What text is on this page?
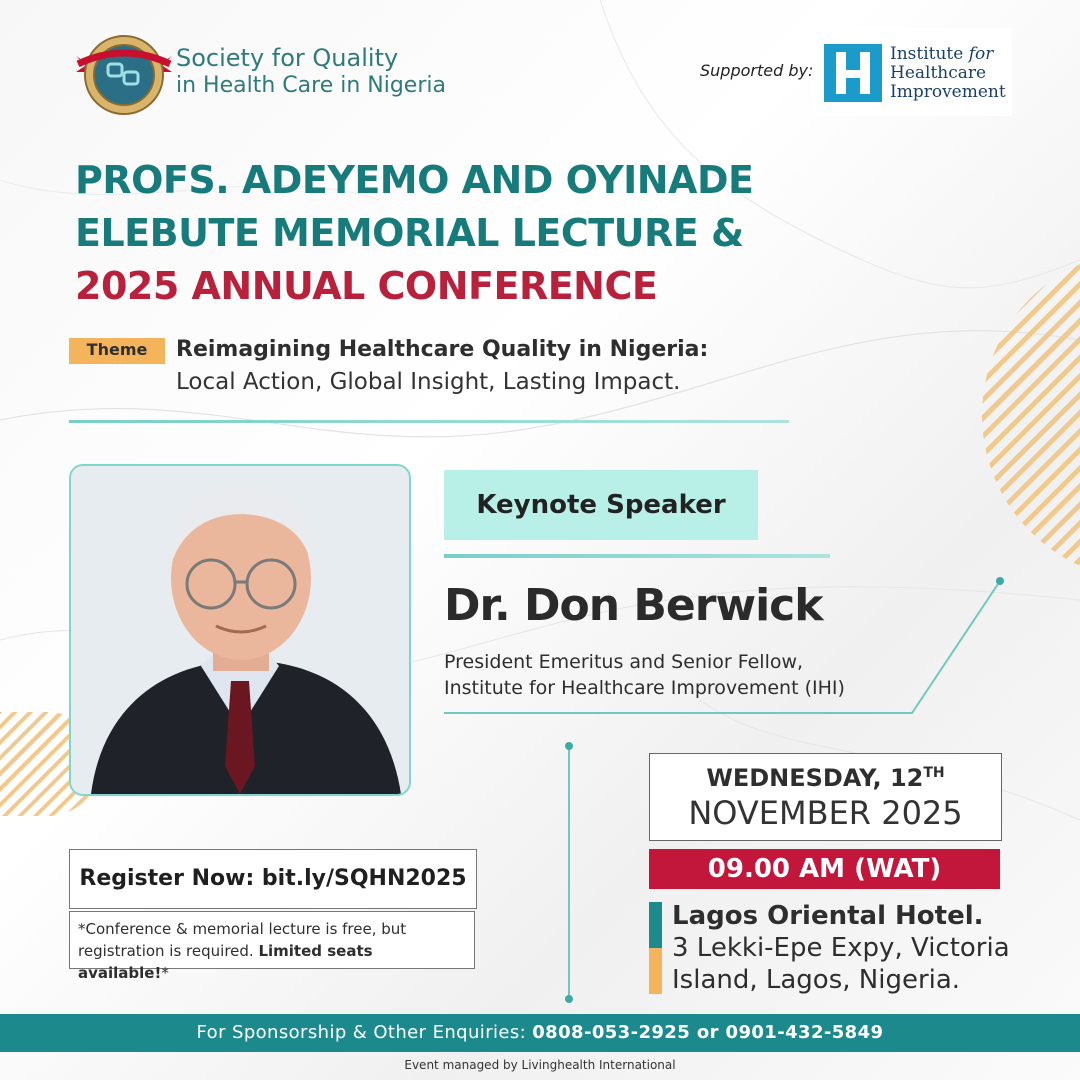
Society for Quality
in Health Care in Nigeria
Supported by:
Institute for
Healthcare
Improvement
PROFS. ADEYEMO AND OYINADE
ELEBUTE MEMORIAL LECTURE &
2025 ANNUAL CONFERENCE
Theme	Reimagining Healthcare Quality in Nigeria:
Local Action, Global Insight, Lasting Impact.
Keynote Speaker
Dr. Don Berwick
President Emeritus and Senior Fellow,
Institute for Healthcare Improvement (IHI)
WEDNESDAY, 12TH
NOVEMBER 2025
09.00 AM (WAT)
Lagos Oriental Hotel.
3 Lekki-Epe Expy, Victoria
Island, Lagos, Nigeria.
Register Now: bit.ly/SQHN2025
*Conference & memorial lecture is free, but registration is required. Limited seats available!*
For Sponsorship & Other Enquiries: 0808-053-2925 or 0901-432-5849
Event managed by Livinghealth International
